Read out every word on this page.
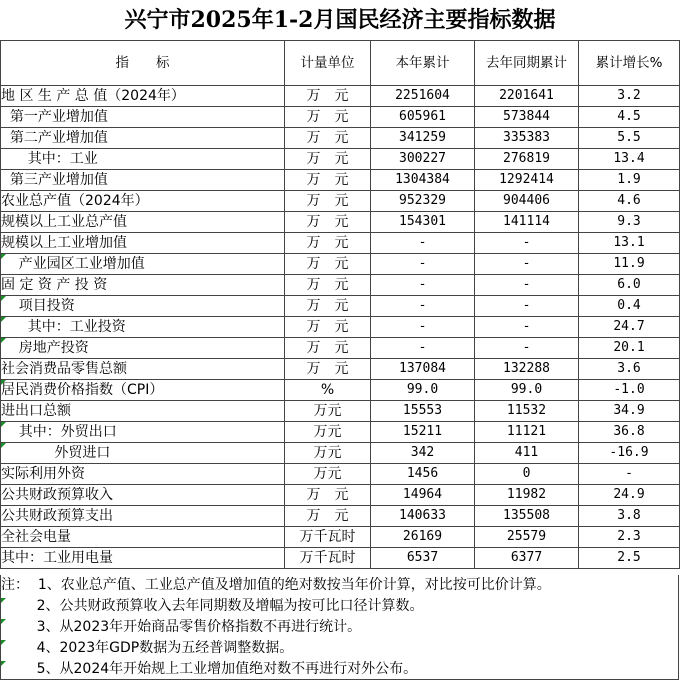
兴宁市2025年1-2月国民经济主要指标数据
指　　标	计量单位	本年累计	去年同期累计	累计增长%
地 区 生 产 总 值（2024年）	万　元	2251604	2201641	3.2
第一产业增加值	万　元	605961	573844	4.5
第二产业增加值	万　元	341259	335383	5.5
其中：工业	万　元	300227	276819	13.4
第三产业增加值	万　元	1304384	1292414	1.9
农业总产值（2024年）	万　元	952329	904406	4.6
规模以上工业总产值	万　元	154301	141114	9.3
规模以上工业增加值	万　元	-	-	13.1

产业园区工业增加值	万　元	-	-	11.9
固 定 资 产 投 资	万　元	-	-	6.0

项目投资	万　元	-	-	0.4

其中：工业投资	万　元	-	-	24.7

房地产投资	万　元	-	-	20.1
社会消费品零售总额	万　元	137084	132288	3.6

居民消费价格指数（CPI）	%	99.0	99.0	-1.0
进出口总额	万元	15553	11532	34.9

其中：外贸出口	万元	15211	11121	36.8

外贸进口	万元	342	411	-16.9
实际利用外资	万元	1456	0	-
公共财政预算收入	万　元	14964	11982	24.9
公共财政预算支出	万　元	140633	135508	3.8
全社会电量	万千瓦时	26169	25579	2.3
其中：工业用电量	万千瓦时	6537	6377	2.5
注：  1、农业总产值、工业总产值及增加值的绝对数按当年价计算，对比按可比价计算。
2、公共财政预算收入去年同期数及增幅为按可比口径计算数。
3、从2023年开始商品零售价格指数不再进行统计。
4、2023年GDP数据为五经普调整数据。
5、从2024年开始规上工业增加值绝对数不再进行对外公布。
